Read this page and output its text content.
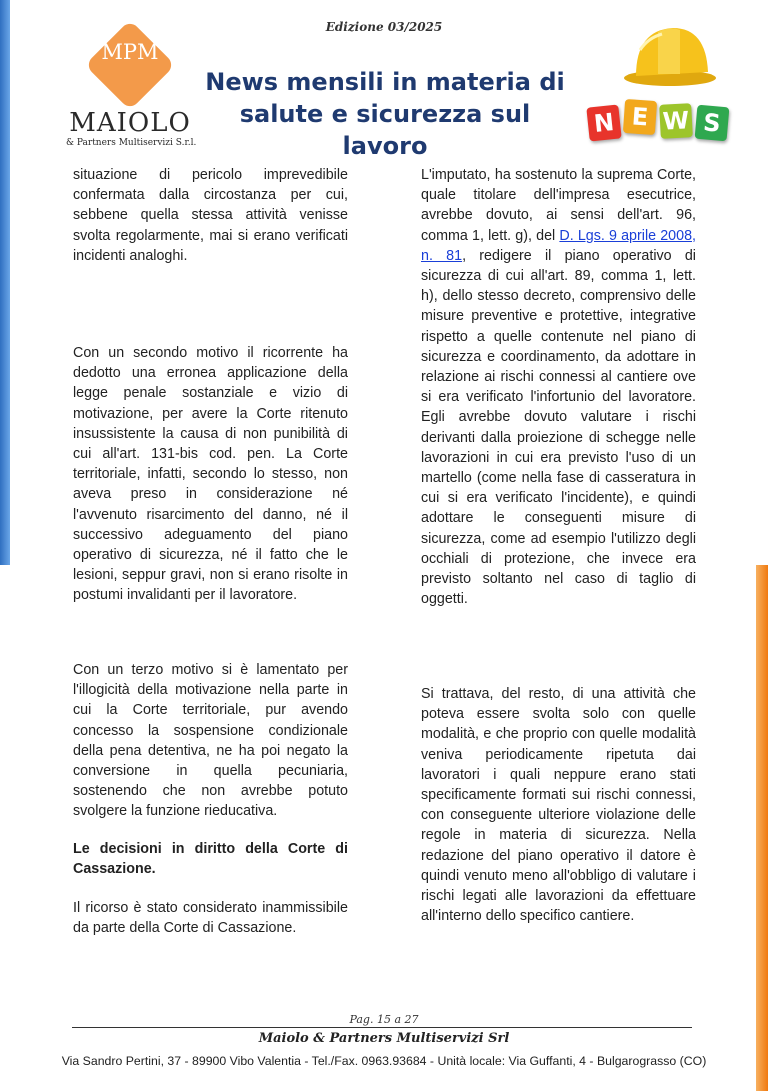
Edizione 03/2025
MPM
MAIOLO
& Partners Multiservizi S.r.l.
News mensili in materia di
salute e sicurezza sul lavoro
N E W S

situazione di pericolo imprevedibile confermata dalla circostanza per cui, sebbene quella stessa attività venisse svolta regolarmente, mai si erano verificati incidenti analoghi.

Con un secondo motivo il ricorrente ha dedotto una erronea applicazione della legge penale sostanziale e vizio di motivazione, per avere la Corte ritenuto insussistente la causa di non punibilità di cui all'art. 131-bis cod. pen. La Corte territoriale, infatti, secondo lo stesso, non aveva preso in considerazione né l'avvenuto risarcimento del danno, né il successivo adeguamento del piano operativo di sicurezza, né il fatto che le lesioni, seppur gravi, non si erano risolte in postumi invalidanti per il lavoratore.

Con un terzo motivo si è lamentato per l'illogicità della motivazione nella parte in cui la Corte territoriale, pur avendo concesso la sospensione condizionale della pena detentiva, ne ha poi negato la conversione in quella pecuniaria, sostenendo che non avrebbe potuto svolgere la funzione rieducativa.

Le decisioni in diritto della Corte di Cassazione.

Il ricorso è stato considerato inammissibile da parte della Corte di Cassazione.

L'imputato, ha sostenuto la suprema Corte, quale titolare dell'impresa esecutrice, avrebbe dovuto, ai sensi dell'art. 96, comma 1, lett. g), del D. Lgs. 9 aprile 2008, n. 81, redigere il piano operativo di sicurezza di cui all'art. 89, comma 1, lett. h), dello stesso decreto, comprensivo delle misure preventive e protettive, integrative rispetto a quelle contenute nel piano di sicurezza e coordinamento, da adottare in relazione ai rischi connessi al cantiere ove si era verificato l'infortunio del lavoratore. Egli avrebbe dovuto valutare i rischi derivanti dalla proiezione di schegge nelle lavorazioni in cui era previsto l'uso di un martello (come nella fase di casseratura in cui si era verificato l'incidente), e quindi adottare le conseguenti misure di sicurezza, come ad esempio l'utilizzo degli occhiali di protezione, che invece era previsto soltanto nel caso di taglio di oggetti.

Si trattava, del resto, di una attività che poteva essere svolta solo con quelle modalità, e che proprio con quelle modalità veniva periodicamente ripetuta dai lavoratori i quali neppure erano stati specificamente formati sui rischi connessi, con conseguente ulteriore violazione delle regole in materia di sicurezza. Nella redazione del piano operativo il datore è quindi venuto meno all'obbligo di valutare i rischi legati alle lavorazioni da effettuare all'interno dello specifico cantiere.

Pag. 15 a 27
Maiolo & Partners Multiservizi Srl
Via Sandro Pertini, 37 - 89900 Vibo Valentia - Tel./Fax. 0963.93684 - Unità locale: Via Guffanti, 4 - Bulgarograsso (CO)
